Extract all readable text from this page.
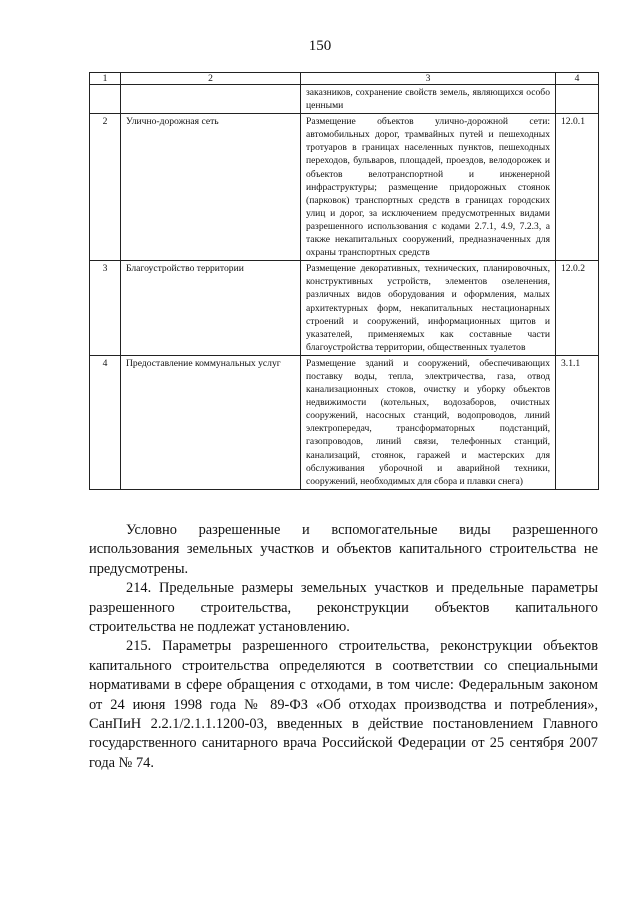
150
1	2	3	4
		заказников, сохранение свойств земель, являющихся особо ценными	
2	Улично-дорожная сеть	Размещение объектов улично-дорожной сети: автомобильных дорог, трамвайных путей и пешеходных тротуаров в границах населенных пунктов, пешеходных переходов, бульваров, площадей, проездов, велодорожек и объектов велотранспортной и инженерной инфраструктуры; размещение придорожных стоянок (парковок) транспортных средств в границах городских улиц и дорог, за исключением предусмотренных видами разрешенного использования с кодами 2.7.1, 4.9, 7.2.3, а также некапитальных сооружений, предназначенных для охраны транспортных средств	12.0.1
3	Благоустройство территории	Размещение декоративных, технических, планировочных, конструктивных устройств, элементов озеленения, различных видов оборудования и оформления, малых архитектурных форм, некапитальных нестационарных строений и сооружений, информационных щитов и указателей, применяемых как составные части благоустройства территории, общественных туалетов	12.0.2
4	Предоставление коммунальных услуг	Размещение зданий и сооружений, обеспечивающих поставку воды, тепла, электричества, газа, отвод канализационных стоков, очистку и уборку объектов недвижимости (котельных, водозаборов, очистных сооружений, насосных станций, водопроводов, линий электропередач, трансформаторных подстанций, газопроводов, линий связи, телефонных станций, канализаций, стоянок, гаражей и мастерских для обслуживания уборочной и аварийной техники, сооружений, необходимых для сбора и плавки снега)	3.1.1

Условно разрешенные и вспомогательные виды разрешенного использования земельных участков и объектов капитального строительства не предусмотрены.

214. Предельные размеры земельных участков и предельные параметры разрешенного строительства, реконструкции объектов капитального строительства не подлежат установлению.

215. Параметры разрешенного строительства, реконструкции объектов капитального строительства определяются в соответствии со специальными нормативами в сфере обращения с отходами, в том числе: Федеральным законом от 24 июня 1998 года № 89-ФЗ «Об отходах производства и потребления», СанПиН 2.2.1/2.1.1.1200-03, введенных в действие постановлением Главного государственного санитарного врача Российской Федерации от 25 сентября 2007 года № 74.
